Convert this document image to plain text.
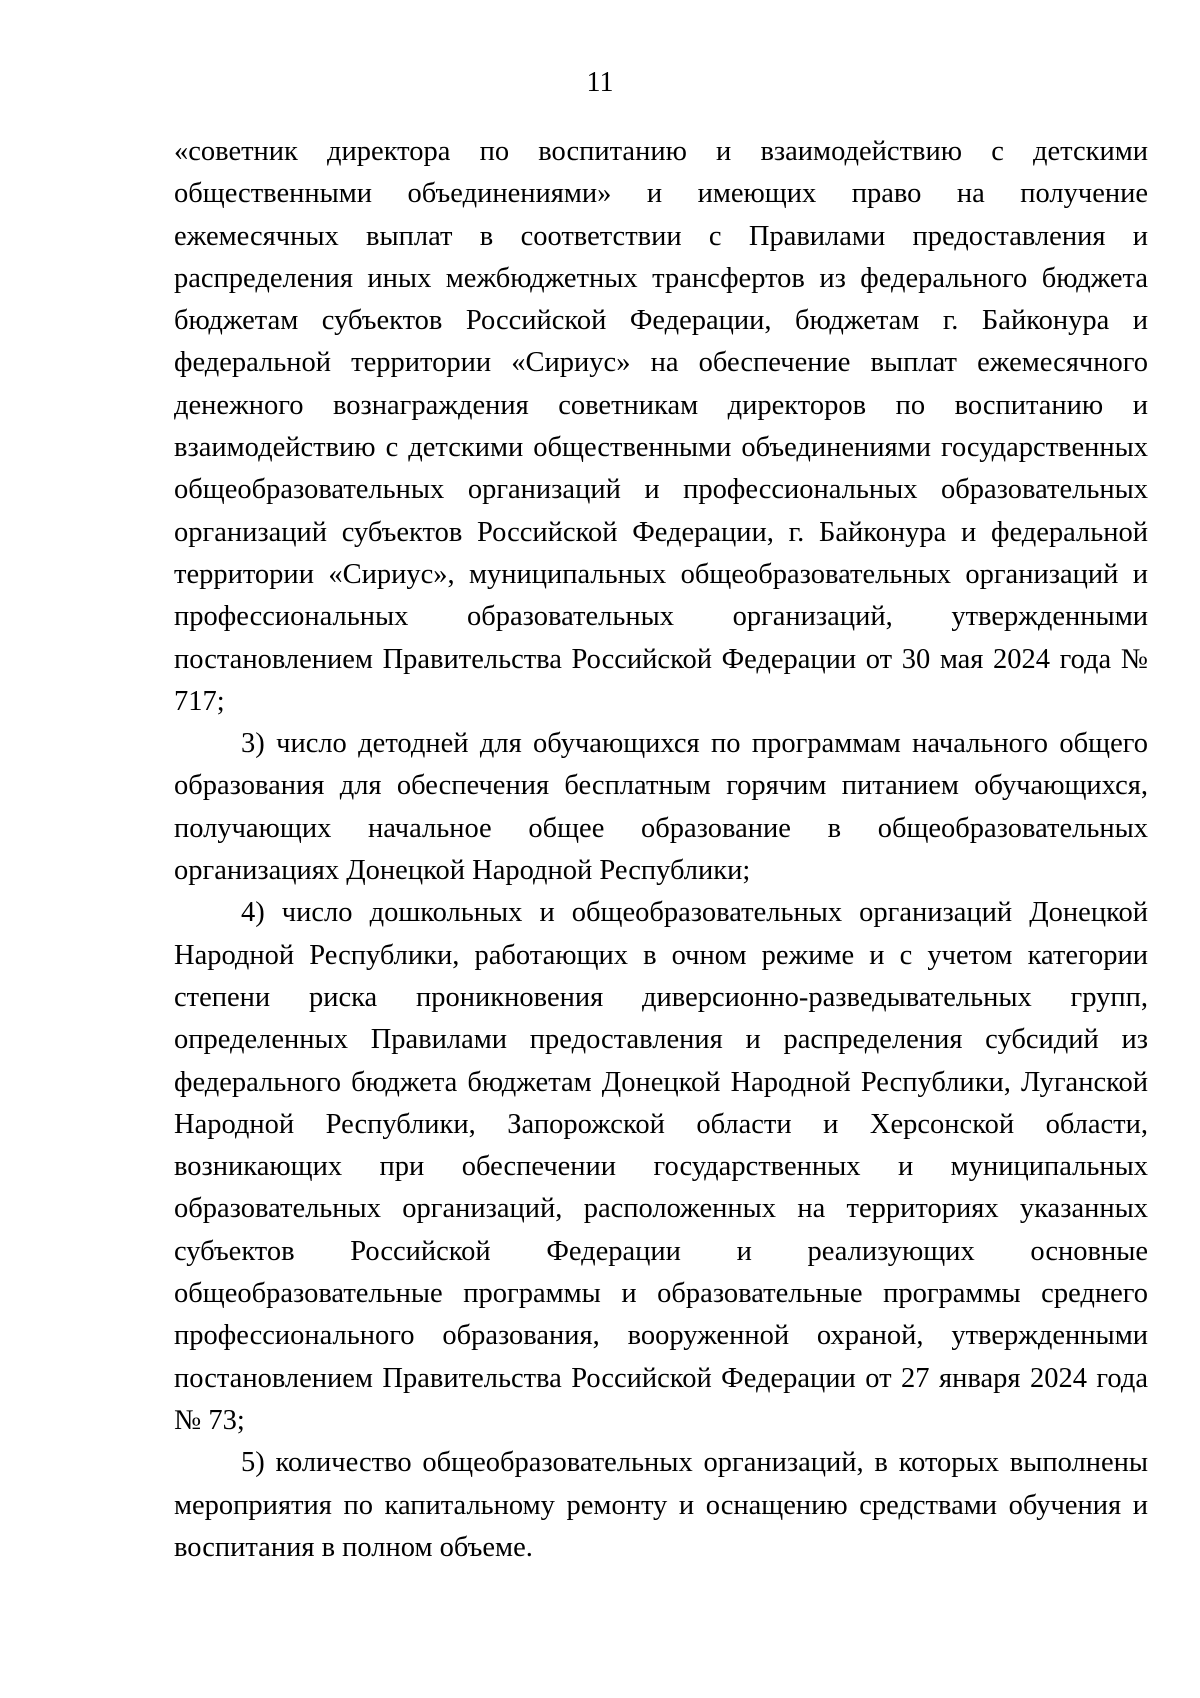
11

«советник директора по воспитанию и взаимодействию с детскими общественными объединениями» и имеющих право на получение ежемесячных выплат в соответствии с Правилами предоставления и распределения иных межбюджетных трансфертов из федерального бюджета бюджетам субъектов Российской Федерации, бюджетам г. Байконура и федеральной территории «Сириус» на обеспечение выплат ежемесячного денежного вознаграждения советникам директоров по воспитанию и взаимодействию с детскими общественными объединениями государственных общеобразовательных организаций и профессиональных образовательных организаций субъектов Российской Федерации, г. Байконура и федеральной территории «Сириус», муниципальных общеобразовательных организаций и профессиональных образовательных организаций, утвержденными постановлением Правительства Российской Федерации от 30 мая 2024 года № 717;

3) число детодней для обучающихся по программам начального общего образования для обеспечения бесплатным горячим питанием обучающихся, получающих начальное общее образование в общеобразовательных организациях Донецкой Народной Республики;

4) число дошкольных и общеобразовательных организаций Донецкой Народной Республики, работающих в очном режиме и с учетом категории степени риска проникновения диверсионно-разведывательных групп, определенных Правилами предоставления и распределения субсидий из федерального бюджета бюджетам Донецкой Народной Республики, Луганской Народной Республики, Запорожской области и Херсонской области, возникающих при обеспечении государственных и муниципальных образовательных организаций, расположенных на территориях указанных субъектов Российской Федерации и реализующих основные общеобразовательные программы и образовательные программы среднего профессионального образования, вооруженной охраной, утвержденными постановлением Правительства Российской Федерации от 27 января 2024 года № 73;

5) количество общеобразовательных организаций, в которых выполнены мероприятия по капитальному ремонту и оснащению средствами обучения и воспитания в полном объеме.
